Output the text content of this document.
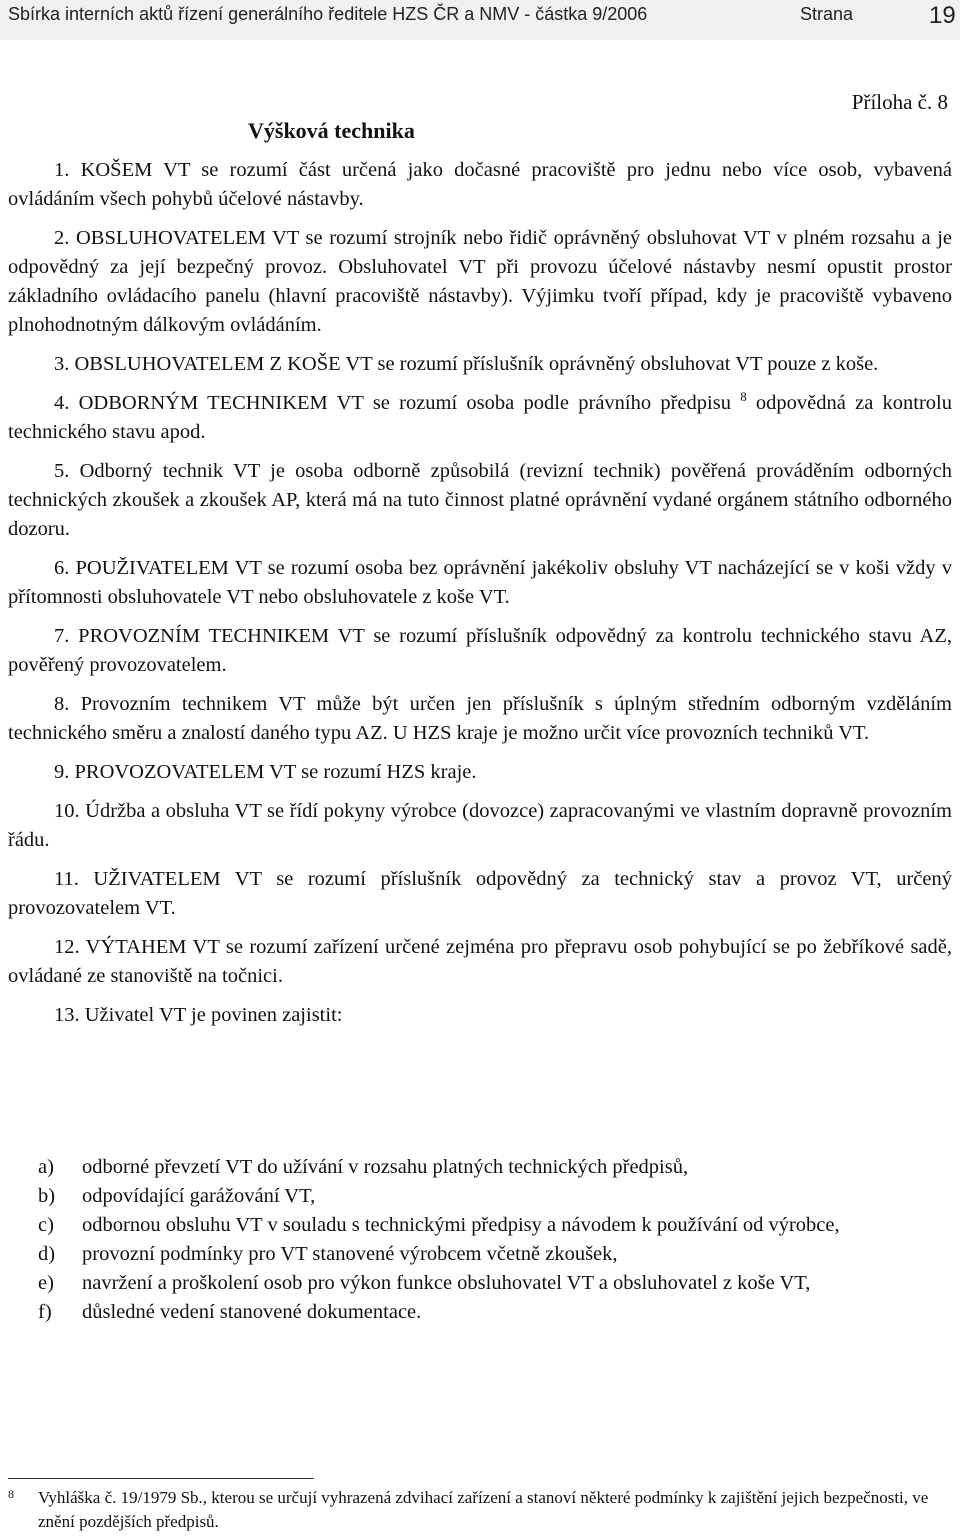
Sbírka interních aktů řízení generálního ředitele HZS ČR a NMV - částka 9/2006	Strana	19
Příloha č. 8
Výšková technika

1. KOŠEM VT se rozumí část určená jako dočasné pracoviště pro jednu nebo více osob, vybavená ovládáním všech pohybů účelové nástavby.

2. OBSLUHOVATELEM VT se rozumí strojník nebo řidič oprávněný obsluhovat VT v plném rozsahu a je odpovědný za její bezpečný provoz. Obsluhovatel VT při provozu účelové nástavby nesmí opustit prostor základního ovládacího panelu (hlavní pracoviště nástavby). Výjimku tvoří případ, kdy je pracoviště vybaveno plnohodnotným dálkovým ovládáním.

3. OBSLUHOVATELEM Z KOŠE VT se rozumí příslušník oprávněný obsluhovat VT pouze z koše.

4. ODBORNÝM TECHNIKEM VT se rozumí osoba podle právního předpisu $^8$ odpovědná za kontrolu technického stavu apod.

5. Odborný technik VT je osoba odborně způsobilá (revizní technik) pověřená prováděním odborných technických zkoušek a zkoušek AP, která má na tuto činnost platné oprávnění vydané orgánem státního odborného dozoru.

6. POUŽIVATELEM VT se rozumí osoba bez oprávnění jakékoliv obsluhy VT nacházející se v koši vždy v přítomnosti obsluhovatele VT nebo obsluhovatele z koše VT.

7. PROVOZNÍM TECHNIKEM VT se rozumí příslušník odpovědný za kontrolu technického stavu AZ, pověřený provozovatelem.

8. Provozním technikem VT může být určen jen příslušník s úplným středním odborným vzděláním technického směru a znalostí daného typu AZ. U HZS kraje je možno určit více provozních techniků VT.

9. PROVOZOVATELEM VT se rozumí HZS kraje.

10. Údržba a obsluha VT se řídí pokyny výrobce (dovozce) zapracovanými ve vlastním dopravně provozním řádu.

11. UŽIVATELEM VT se rozumí příslušník odpovědný za technický stav a provoz VT, určený provozovatelem VT.

12. VÝTAHEM VT se rozumí zařízení určené zejména pro přepravu osob pohybující se po žebříkové sadě, ovládané ze stanoviště na točnici.

13. Uživatel VT je povinen zajistit:

a)	odborné převzetí VT do užívání v rozsahu platných technických předpisů,
b)	odpovídající garážování VT,
c)	odbornou obsluhu VT v souladu s technickými předpisy a návodem k používání od výrobce,
d)	provozní podmínky pro VT stanovené výrobcem včetně zkoušek,
e)	navržení a proškolení osob pro výkon funkce obsluhovatel VT a obsluhovatel z koše VT,
f)	důsledné vedení stanovené dokumentace.
8 Vyhláška č. 19/1979 Sb., kterou se určují vyhrazená zdvihací zařízení a stanoví některé podmínky k zajištění jejich bezpečnosti, ve znění pozdějších předpisů.
